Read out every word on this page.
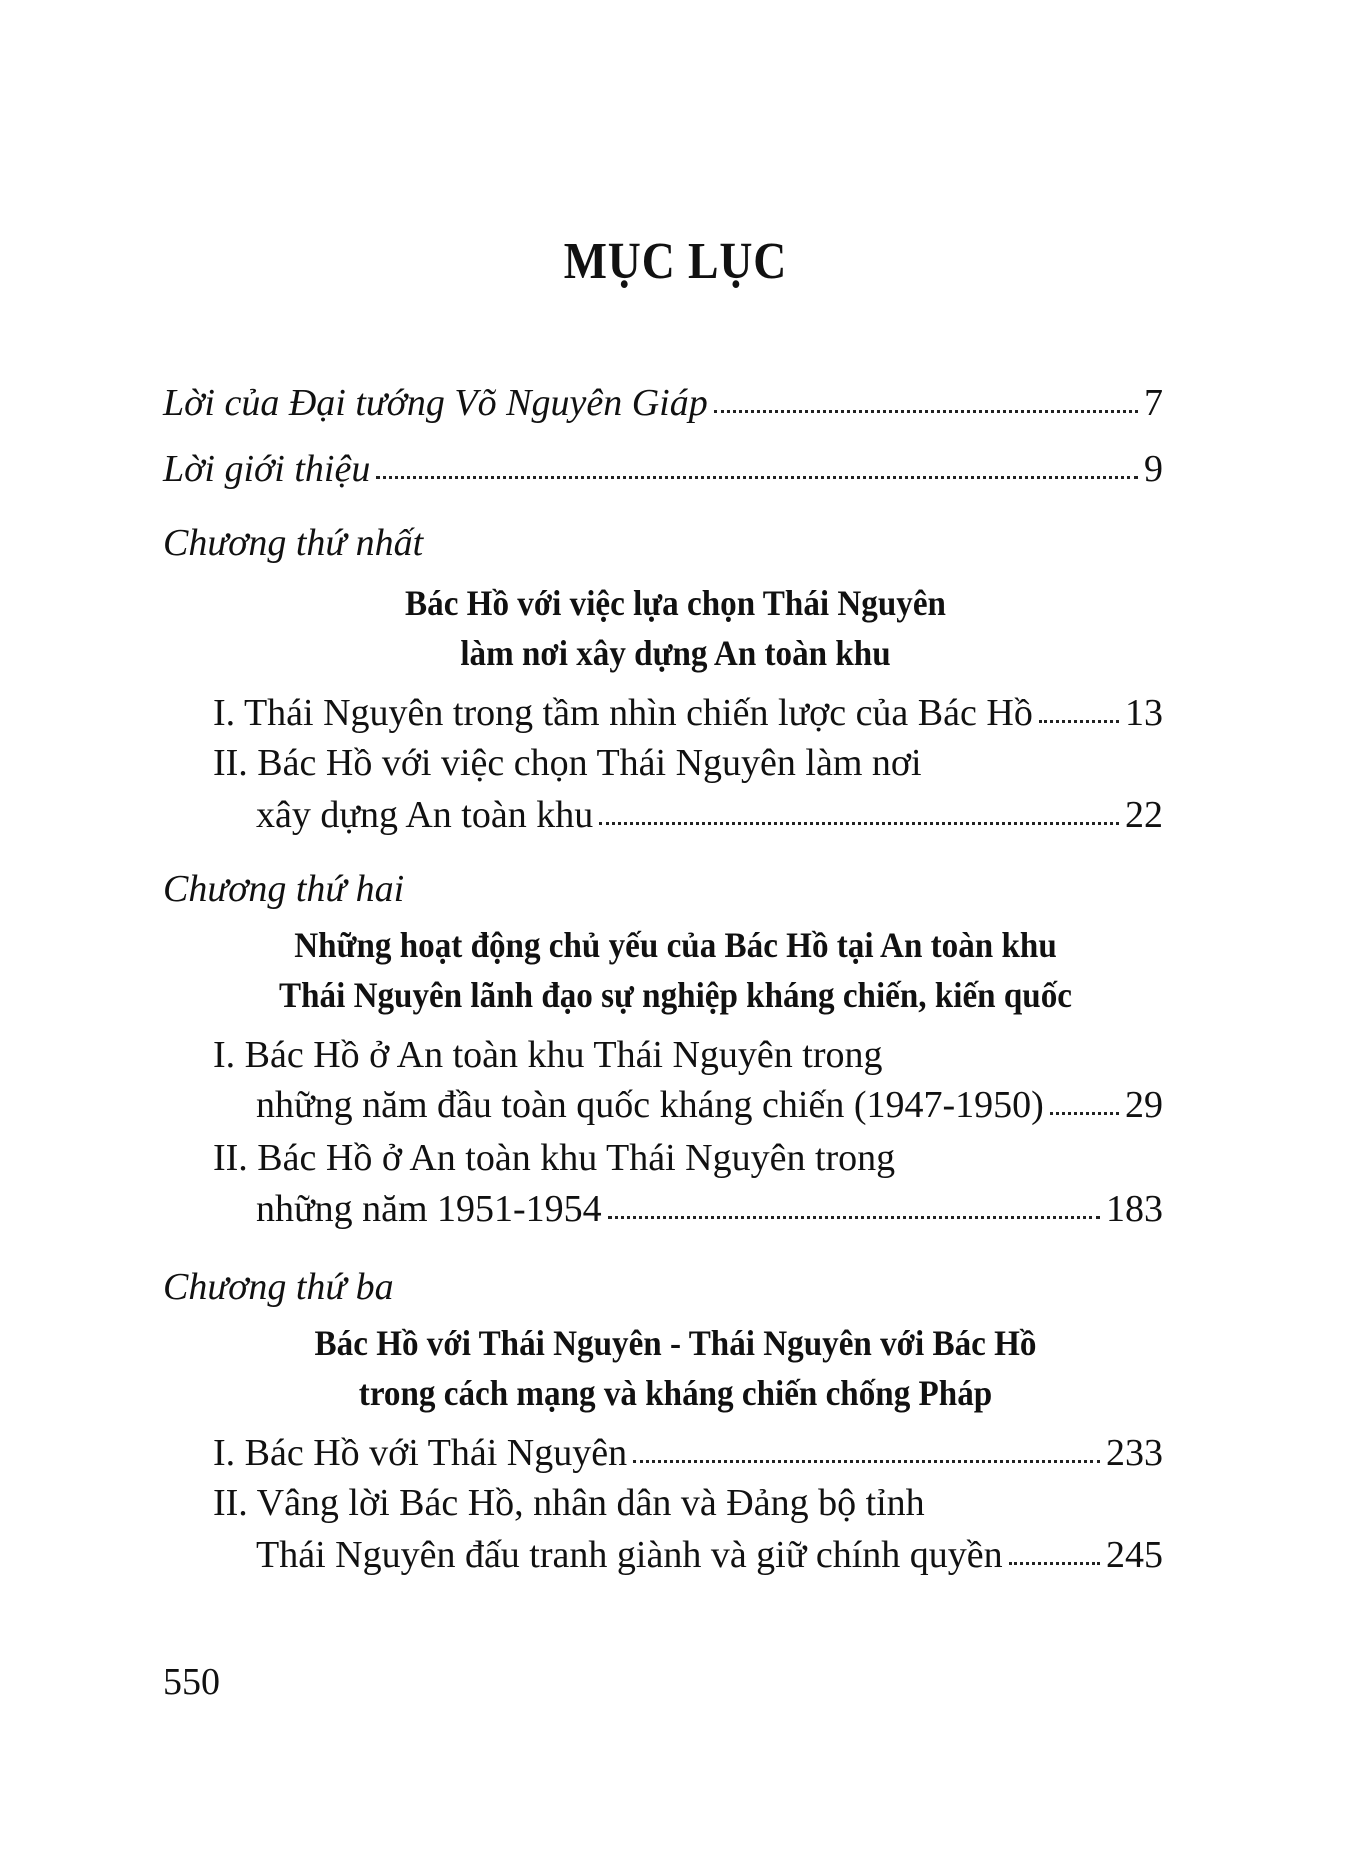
MỤC LỤC
Lời của Đại tướng Võ Nguyên Giáp	7
Lời giới thiệu	9
Chương thứ nhất
Bác Hồ với việc lựa chọn Thái Nguyên
làm nơi xây dựng An toàn khu
I. Thái Nguyên trong tầm nhìn chiến lược của Bác Hồ 13
II. Bác Hồ với việc chọn Thái Nguyên làm nơi
xây dựng An toàn khu	22
Chương thứ hai
Những hoạt động chủ yếu của Bác Hồ tại An toàn khu
Thái Nguyên lãnh đạo sự nghiệp kháng chiến, kiến quốc
I. Bác Hồ ở An toàn khu Thái Nguyên trong
những năm đầu toàn quốc kháng chiến (1947-1950) 29
II. Bác Hồ ở An toàn khu Thái Nguyên trong
những năm 1951-1954	183
Chương thứ ba
Bác Hồ với Thái Nguyên - Thái Nguyên với Bác Hồ
trong cách mạng và kháng chiến chống Pháp
I. Bác Hồ với Thái Nguyên	233
II. Vâng lời Bác Hồ, nhân dân và Đảng bộ tỉnh
Thái Nguyên đấu tranh giành và giữ chính quyền	245
550
